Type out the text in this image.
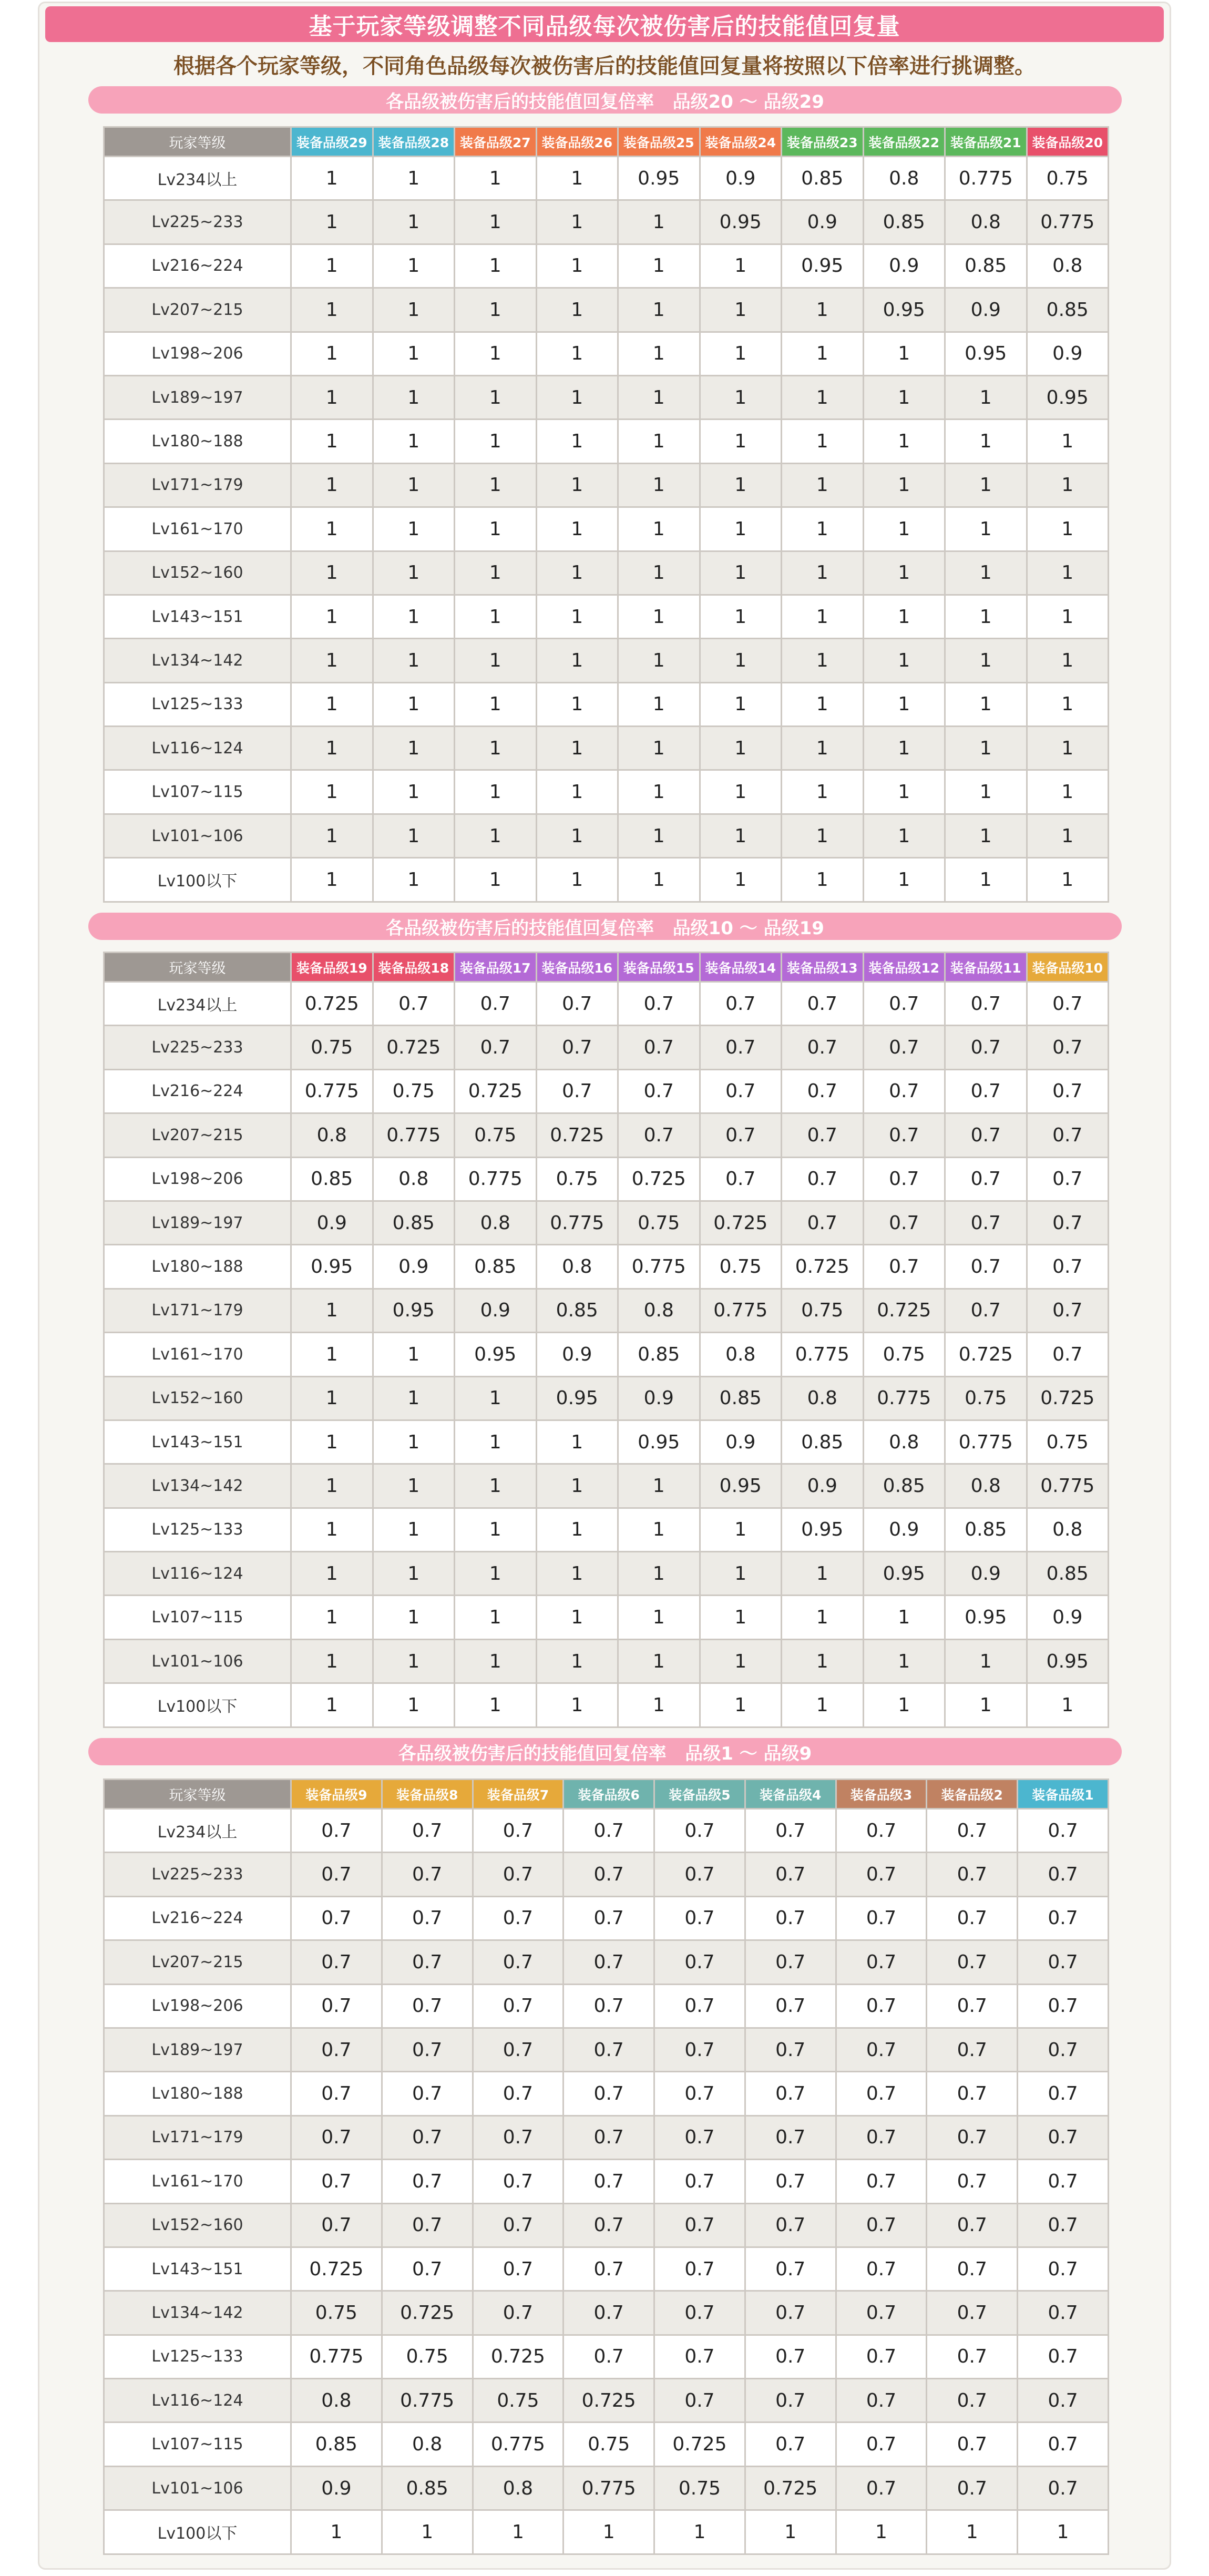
基于玩家等级调整不同品级每次被伤害后的技能值回复量
根据各个玩家等级，不同角色品级每次被伤害后的技能值回复量将按照以下倍率进行挑调整。
各品级被伤害后的技能值回复倍率   品级20 ～ 品级29
玩家等级	装备品级29	装备品级28	装备品级27	装备品级26	装备品级25	装备品级24	装备品级23	装备品级22	装备品级21	装备品级20
Lv234以上	1	1	1	1	0.95	0.9	0.85	0.8	0.775	0.75
Lv225~233	1	1	1	1	1	0.95	0.9	0.85	0.8	0.775
Lv216~224	1	1	1	1	1	1	0.95	0.9	0.85	0.8
Lv207~215	1	1	1	1	1	1	1	0.95	0.9	0.85
Lv198~206	1	1	1	1	1	1	1	1	0.95	0.9
Lv189~197	1	1	1	1	1	1	1	1	1	0.95
Lv180~188	1	1	1	1	1	1	1	1	1	1
Lv171~179	1	1	1	1	1	1	1	1	1	1
Lv161~170	1	1	1	1	1	1	1	1	1	1
Lv152~160	1	1	1	1	1	1	1	1	1	1
Lv143~151	1	1	1	1	1	1	1	1	1	1
Lv134~142	1	1	1	1	1	1	1	1	1	1
Lv125~133	1	1	1	1	1	1	1	1	1	1
Lv116~124	1	1	1	1	1	1	1	1	1	1
Lv107~115	1	1	1	1	1	1	1	1	1	1
Lv101~106	1	1	1	1	1	1	1	1	1	1
Lv100以下	1	1	1	1	1	1	1	1	1	1
各品级被伤害后的技能值回复倍率   品级10 ～ 品级19
玩家等级	装备品级19	装备品级18	装备品级17	装备品级16	装备品级15	装备品级14	装备品级13	装备品级12	装备品级11	装备品级10
Lv234以上	0.725	0.7	0.7	0.7	0.7	0.7	0.7	0.7	0.7	0.7
Lv225~233	0.75	0.725	0.7	0.7	0.7	0.7	0.7	0.7	0.7	0.7
Lv216~224	0.775	0.75	0.725	0.7	0.7	0.7	0.7	0.7	0.7	0.7
Lv207~215	0.8	0.775	0.75	0.725	0.7	0.7	0.7	0.7	0.7	0.7
Lv198~206	0.85	0.8	0.775	0.75	0.725	0.7	0.7	0.7	0.7	0.7
Lv189~197	0.9	0.85	0.8	0.775	0.75	0.725	0.7	0.7	0.7	0.7
Lv180~188	0.95	0.9	0.85	0.8	0.775	0.75	0.725	0.7	0.7	0.7
Lv171~179	1	0.95	0.9	0.85	0.8	0.775	0.75	0.725	0.7	0.7
Lv161~170	1	1	0.95	0.9	0.85	0.8	0.775	0.75	0.725	0.7
Lv152~160	1	1	1	0.95	0.9	0.85	0.8	0.775	0.75	0.725
Lv143~151	1	1	1	1	0.95	0.9	0.85	0.8	0.775	0.75
Lv134~142	1	1	1	1	1	0.95	0.9	0.85	0.8	0.775
Lv125~133	1	1	1	1	1	1	0.95	0.9	0.85	0.8
Lv116~124	1	1	1	1	1	1	1	0.95	0.9	0.85
Lv107~115	1	1	1	1	1	1	1	1	0.95	0.9
Lv101~106	1	1	1	1	1	1	1	1	1	0.95
Lv100以下	1	1	1	1	1	1	1	1	1	1
各品级被伤害后的技能值回复倍率   品级1 ～ 品级9
玩家等级	装备品级9	装备品级8	装备品级7	装备品级6	装备品级5	装备品级4	装备品级3	装备品级2	装备品级1
Lv234以上	0.7	0.7	0.7	0.7	0.7	0.7	0.7	0.7	0.7
Lv225~233	0.7	0.7	0.7	0.7	0.7	0.7	0.7	0.7	0.7
Lv216~224	0.7	0.7	0.7	0.7	0.7	0.7	0.7	0.7	0.7
Lv207~215	0.7	0.7	0.7	0.7	0.7	0.7	0.7	0.7	0.7
Lv198~206	0.7	0.7	0.7	0.7	0.7	0.7	0.7	0.7	0.7
Lv189~197	0.7	0.7	0.7	0.7	0.7	0.7	0.7	0.7	0.7
Lv180~188	0.7	0.7	0.7	0.7	0.7	0.7	0.7	0.7	0.7
Lv171~179	0.7	0.7	0.7	0.7	0.7	0.7	0.7	0.7	0.7
Lv161~170	0.7	0.7	0.7	0.7	0.7	0.7	0.7	0.7	0.7
Lv152~160	0.7	0.7	0.7	0.7	0.7	0.7	0.7	0.7	0.7
Lv143~151	0.725	0.7	0.7	0.7	0.7	0.7	0.7	0.7	0.7
Lv134~142	0.75	0.725	0.7	0.7	0.7	0.7	0.7	0.7	0.7
Lv125~133	0.775	0.75	0.725	0.7	0.7	0.7	0.7	0.7	0.7
Lv116~124	0.8	0.775	0.75	0.725	0.7	0.7	0.7	0.7	0.7
Lv107~115	0.85	0.8	0.775	0.75	0.725	0.7	0.7	0.7	0.7
Lv101~106	0.9	0.85	0.8	0.775	0.75	0.725	0.7	0.7	0.7
Lv100以下	1	1	1	1	1	1	1	1	1
